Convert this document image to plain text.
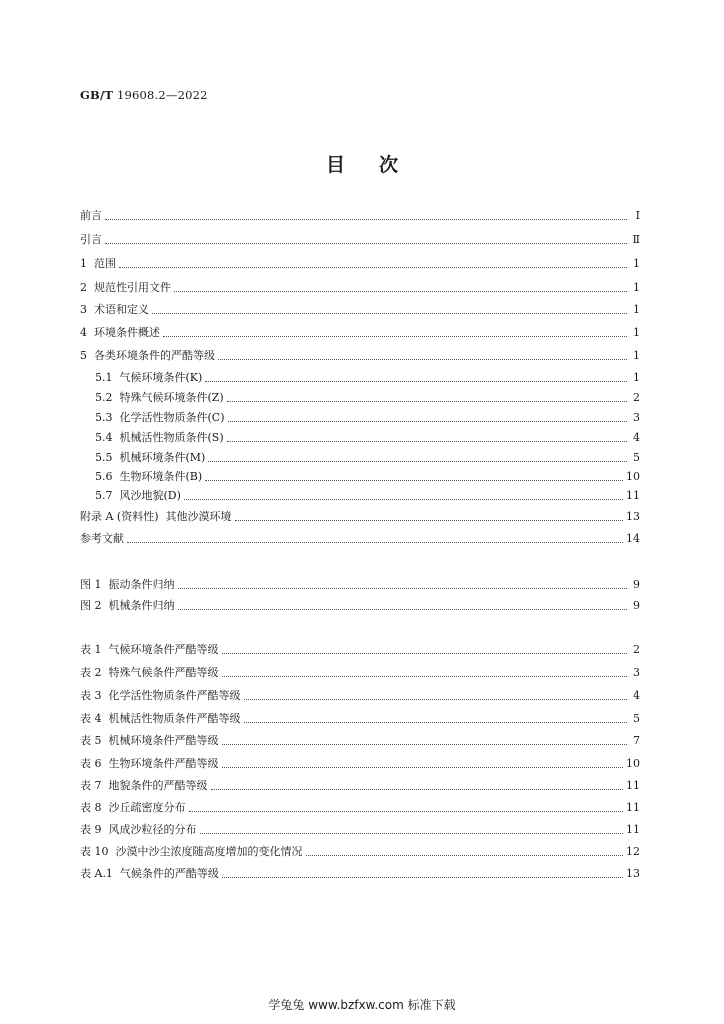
GB/T 19608.2—2022
目次
前言	Ⅰ
引言	Ⅱ
1  范围	1
2  规范性引用文件	1
3  术语和定义	1
4  环境条件概述	1
5  各类环境条件的严酷等级	1
5.1  气候环境条件(K)	1
5.2  特殊气候环境条件(Z)	2
5.3  化学活性物质条件(C)	3
5.4  机械活性物质条件(S)	4
5.5  机械环境条件(M)	5
5.6  生物环境条件(B)	10
5.7  风沙地貌(D)	11
附录 A (资料性)  其他沙漠环境	13
参考文献	14
图 1  振动条件归纳	9
图 2  机械条件归纳	9
表 1  气候环境条件严酷等级	2
表 2  特殊气候条件严酷等级	3
表 3  化学活性物质条件严酷等级	4
表 4  机械活性物质条件严酷等级	5
表 5  机械环境条件严酷等级	7
表 6  生物环境条件严酷等级	10
表 7  地貌条件的严酷等级	11
表 8  沙丘疏密度分布	11
表 9  风成沙粒径的分布	11
表 10  沙漠中沙尘浓度随高度增加的变化情况	12
表 A.1  气候条件的严酷等级	13
学兔兔 www.bzfxw.com 标准下载
